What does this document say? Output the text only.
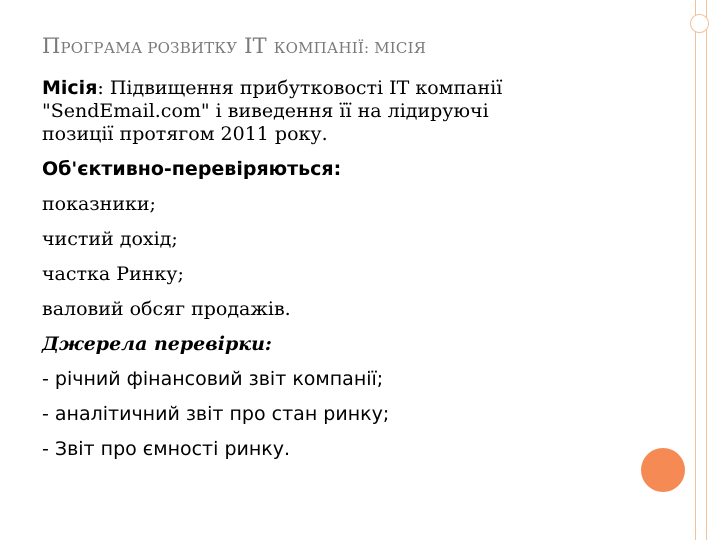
ПРОГРАМА РОЗВИТКУ IT КОМПАНІЇ: МІСІЯ

Місія: Підвищення прибутковості IT компанії
"SendEmail.com" і виведення її на лідируючі
позиції протягом 2011 року.

Об'єктивно-перевіряються:

показники;

чистий дохід;

частка Ринку;

валовий обсяг продажів.

Джерела перевірки:

- річний фінансовий звіт компанії;

- аналітичний звіт про стан ринку;

- Звіт про ємності ринку.
